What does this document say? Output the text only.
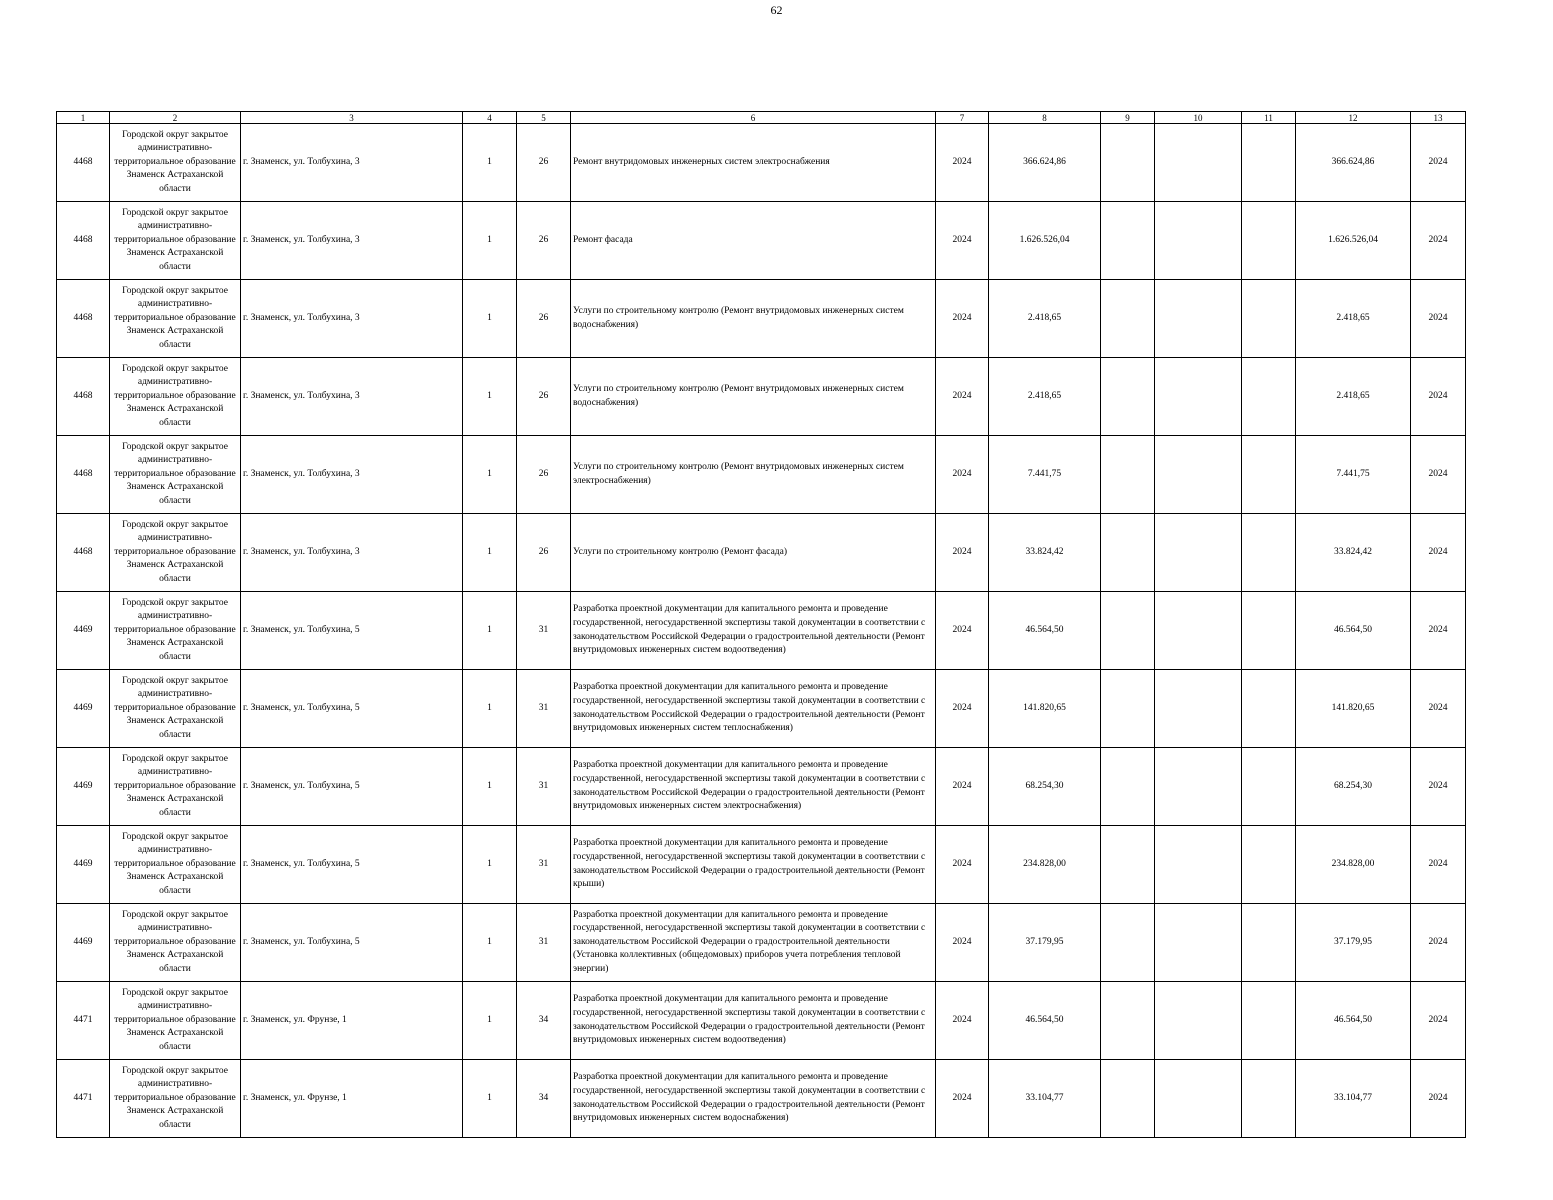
62
1	2	3	4	5	6	7	8	9	10	11	12	13
4468	Городской округ закрытое административно-территориальное образование Знаменск Астраханской области	г. Знаменск, ул. Толбухина, 3	1	26	Ремонт внутридомовых инженерных систем электроснабжения	2024	366.624,86				366.624,86	2024
4468	Городской округ закрытое административно-территориальное образование Знаменск Астраханской области	г. Знаменск, ул. Толбухина, 3	1	26	Ремонт фасада	2024	1.626.526,04				1.626.526,04	2024
4468	Городской округ закрытое административно-территориальное образование Знаменск Астраханской области	г. Знаменск, ул. Толбухина, 3	1	26	Услуги по строительному контролю (Ремонт внутридомовых инженерных систем водоснабжения)	2024	2.418,65				2.418,65	2024
4468	Городской округ закрытое административно-территориальное образование Знаменск Астраханской области	г. Знаменск, ул. Толбухина, 3	1	26	Услуги по строительному контролю (Ремонт внутридомовых инженерных систем водоснабжения)	2024	2.418,65				2.418,65	2024
4468	Городской округ закрытое административно-территориальное образование Знаменск Астраханской области	г. Знаменск, ул. Толбухина, 3	1	26	Услуги по строительному контролю (Ремонт внутридомовых инженерных систем электроснабжения)	2024	7.441,75				7.441,75	2024
4468	Городской округ закрытое административно-территориальное образование Знаменск Астраханской области	г. Знаменск, ул. Толбухина, 3	1	26	Услуги по строительному контролю (Ремонт фасада)	2024	33.824,42				33.824,42	2024
4469	Городской округ закрытое административно-территориальное образование Знаменск Астраханской области	г. Знаменск, ул. Толбухина, 5	1	31	Разработка проектной документации для капитального ремонта и проведение государственной, негосударственной экспертизы такой документации в соответствии с законодательством Российской Федерации о градостроительной деятельности (Ремонт внутридомовых инженерных систем водоотведения)	2024	46.564,50				46.564,50	2024
4469	Городской округ закрытое административно-территориальное образование Знаменск Астраханской области	г. Знаменск, ул. Толбухина, 5	1	31	Разработка проектной документации для капитального ремонта и проведение государственной, негосударственной экспертизы такой документации в соответствии с законодательством Российской Федерации о градостроительной деятельности (Ремонт внутридомовых инженерных систем теплоснабжения)	2024	141.820,65				141.820,65	2024
4469	Городской округ закрытое административно-территориальное образование Знаменск Астраханской области	г. Знаменск, ул. Толбухина, 5	1	31	Разработка проектной документации для капитального ремонта и проведение государственной, негосударственной экспертизы такой документации в соответствии с законодательством Российской Федерации о градостроительной деятельности (Ремонт внутридомовых инженерных систем электроснабжения)	2024	68.254,30				68.254,30	2024
4469	Городской округ закрытое административно-территориальное образование Знаменск Астраханской области	г. Знаменск, ул. Толбухина, 5	1	31	Разработка проектной документации для капитального ремонта и проведение государственной, негосударственной экспертизы такой документации в соответствии с законодательством Российской Федерации о градостроительной деятельности (Ремонт крыши)	2024	234.828,00				234.828,00	2024
4469	Городской округ закрытое административно-территориальное образование Знаменск Астраханской области	г. Знаменск, ул. Толбухина, 5	1	31	Разработка проектной документации для капитального ремонта и проведение государственной, негосударственной экспертизы такой документации в соответствии с законодательством Российской Федерации о градостроительной деятельности (Установка коллективных (общедомовых) приборов учета потребления тепловой энергии)	2024	37.179,95				37.179,95	2024
4471	Городской округ закрытое административно-территориальное образование Знаменск Астраханской области	г. Знаменск, ул. Фрунзе, 1	1	34	Разработка проектной документации для капитального ремонта и проведение государственной, негосударственной экспертизы такой документации в соответствии с законодательством Российской Федерации о градостроительной деятельности (Ремонт внутридомовых инженерных систем водоотведения)	2024	46.564,50				46.564,50	2024
4471	Городской округ закрытое административно-территориальное образование Знаменск Астраханской области	г. Знаменск, ул. Фрунзе, 1	1	34	Разработка проектной документации для капитального ремонта и проведение государственной, негосударственной экспертизы такой документации в соответствии с законодательством Российской Федерации о градостроительной деятельности (Ремонт внутридомовых инженерных систем водоснабжения)	2024	33.104,77				33.104,77	2024
